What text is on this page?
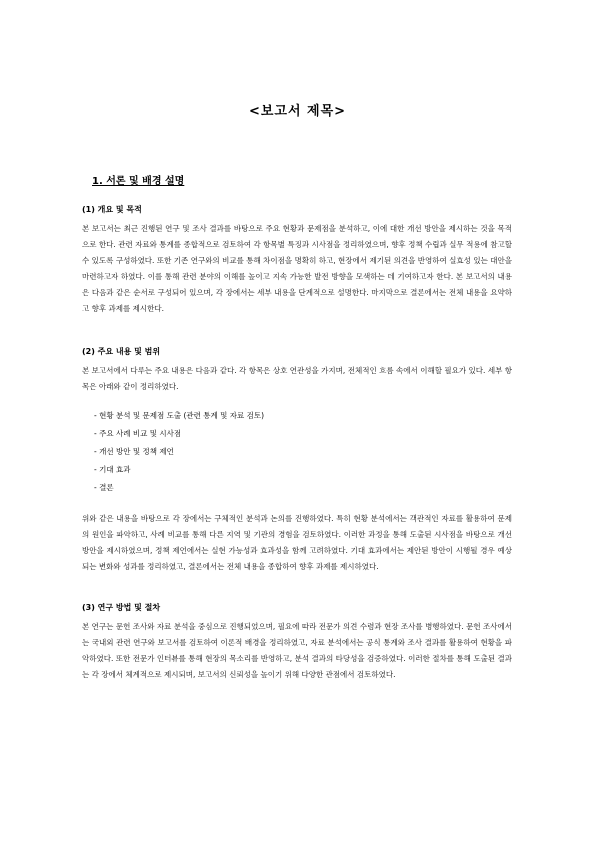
<보고서 제목>
1. 서론 및 배경 설명
(1) 개요 및 목적

본 보고서는 최근 진행된 연구 및 조사 결과를 바탕으로 주요 현황과 문제점을 분석하고, 이에 대한 개선 방안을 제시하는 것을 목적으로 한다. 관련 자료와 통계를 종합적으로 검토하여 각 항목별 특징과 시사점을 정리하였으며, 향후 정책 수립과 실무 적용에 참고할 수 있도록 구성하였다. 또한 기존 연구와의 비교를 통해 차이점을 명확히 하고, 현장에서 제기된 의견을 반영하여 실효성 있는 대안을 마련하고자 하였다. 이를 통해 관련 분야의 이해를 높이고 지속 가능한 발전 방향을 모색하는 데 기여하고자 한다. 본 보고서의 내용은 다음과 같은 순서로 구성되어 있으며, 각 장에서는 세부 내용을 단계적으로 설명한다. 마지막으로 결론에서는 전체 내용을 요약하고 향후 과제를 제시한다.

(2) 주요 내용 및 범위

본 보고서에서 다루는 주요 내용은 다음과 같다. 각 항목은 상호 연관성을 가지며, 전체적인 흐름 속에서 이해할 필요가 있다. 세부 항목은 아래와 같이 정리하였다.

- 현황 분석 및 문제점 도출 (관련 통계 및 자료 검토)
- 주요 사례 비교 및 시사점
- 개선 방안 및 정책 제언
- 기대 효과
- 결론

위와 같은 내용을 바탕으로 각 장에서는 구체적인 분석과 논의를 진행하였다. 특히 현황 분석에서는 객관적인 자료를 활용하여 문제의 원인을 파악하고, 사례 비교를 통해 다른 지역 및 기관의 경험을 검토하였다. 이러한 과정을 통해 도출된 시사점을 바탕으로 개선 방안을 제시하였으며, 정책 제언에서는 실현 가능성과 효과성을 함께 고려하였다. 기대 효과에서는 제안된 방안이 시행될 경우 예상되는 변화와 성과를 정리하였고, 결론에서는 전체 내용을 종합하여 향후 과제를 제시하였다.

(3) 연구 방법 및 절차

본 연구는 문헌 조사와 자료 분석을 중심으로 진행되었으며, 필요에 따라 전문가 의견 수렴과 현장 조사를 병행하였다. 문헌 조사에서는 국내외 관련 연구와 보고서를 검토하여 이론적 배경을 정리하였고, 자료 분석에서는 공식 통계와 조사 결과를 활용하여 현황을 파악하였다. 또한 전문가 인터뷰를 통해 현장의 목소리를 반영하고, 분석 결과의 타당성을 검증하였다. 이러한 절차를 통해 도출된 결과는 각 장에서 체계적으로 제시되며, 보고서의 신뢰성을 높이기 위해 다양한 관점에서 검토하였다.
